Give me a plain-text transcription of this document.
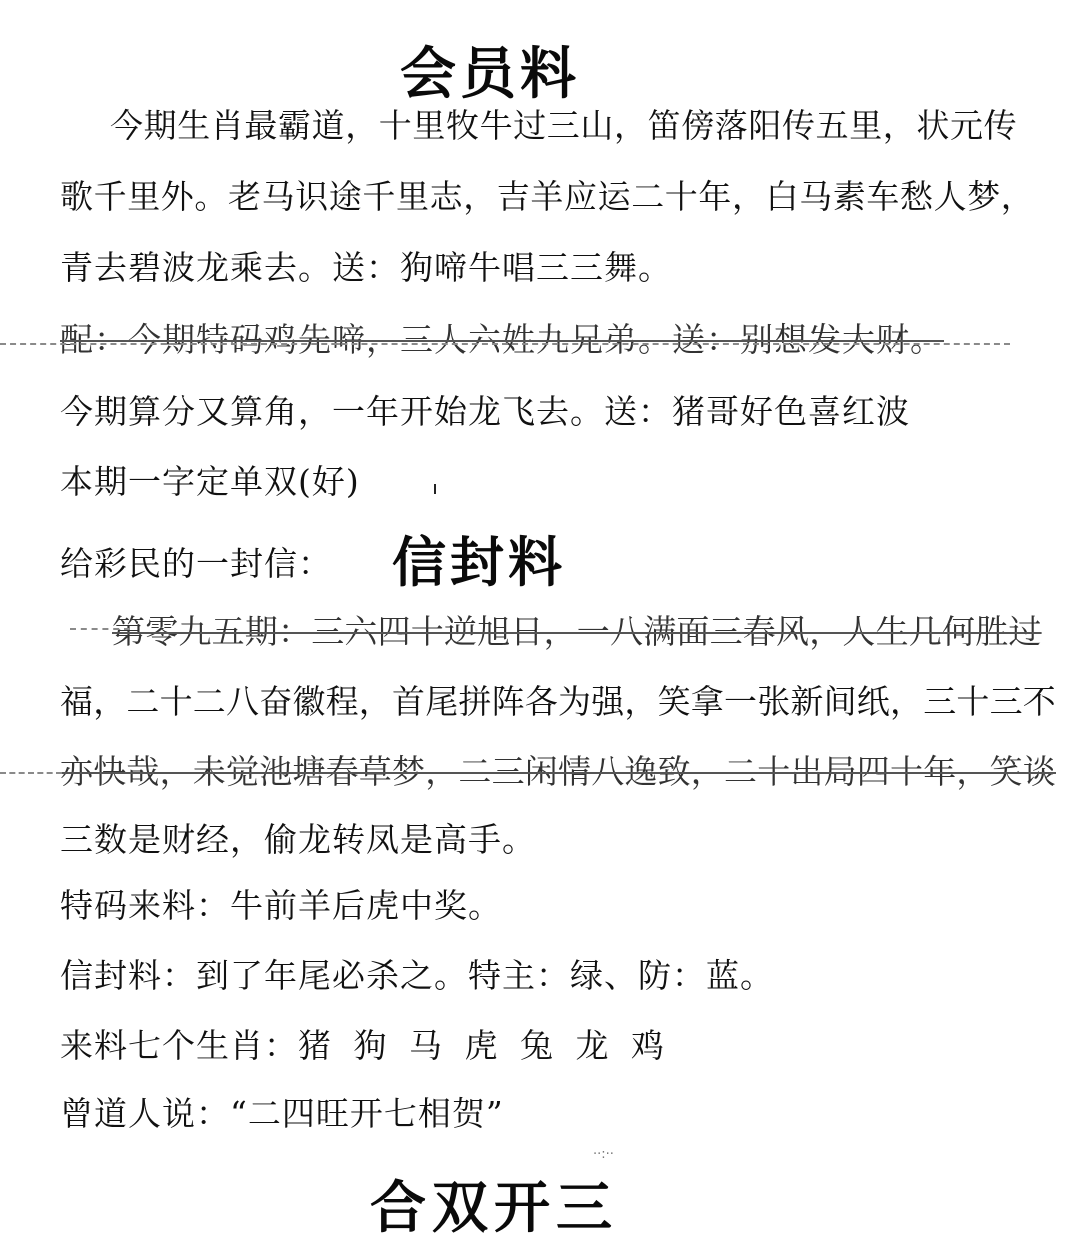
会员料
今期生肖最霸道，十里牧牛过三山，笛傍落阳传五里，状元传
歌千里外。老马识途千里志，吉羊应运二十年，白马素车愁人梦，
青去碧波龙乘去。送：狗啼牛唱三三舞。
配：今期特码鸡先啼，三人六姓九兄弟。送：别想发大财。
今期算分又算角，一年开始龙飞去。送：猪哥好色喜红波
本期一字定单双(好)
给彩民的一封信： 信封料
第零九五期：三六四十逆旭日，一八满面三春风，人生几何胜过
福，二十二八奋徽程，首尾拼阵各为强，笑拿一张新间纸，三十三不
亦快哉，未觉池塘春草梦，二三闲情八逸致，二十出局四十年，笑谈
三数是财经，偷龙转凤是高手。
特码来料：牛前羊后虎中奖。
信封料：到了年尾必杀之。特主：绿、防：蓝。
来料七个生肖：猪 狗 马 虎 兔 龙 鸡
曾道人说：“二四旺开七相贺”
··:··
合双开三
